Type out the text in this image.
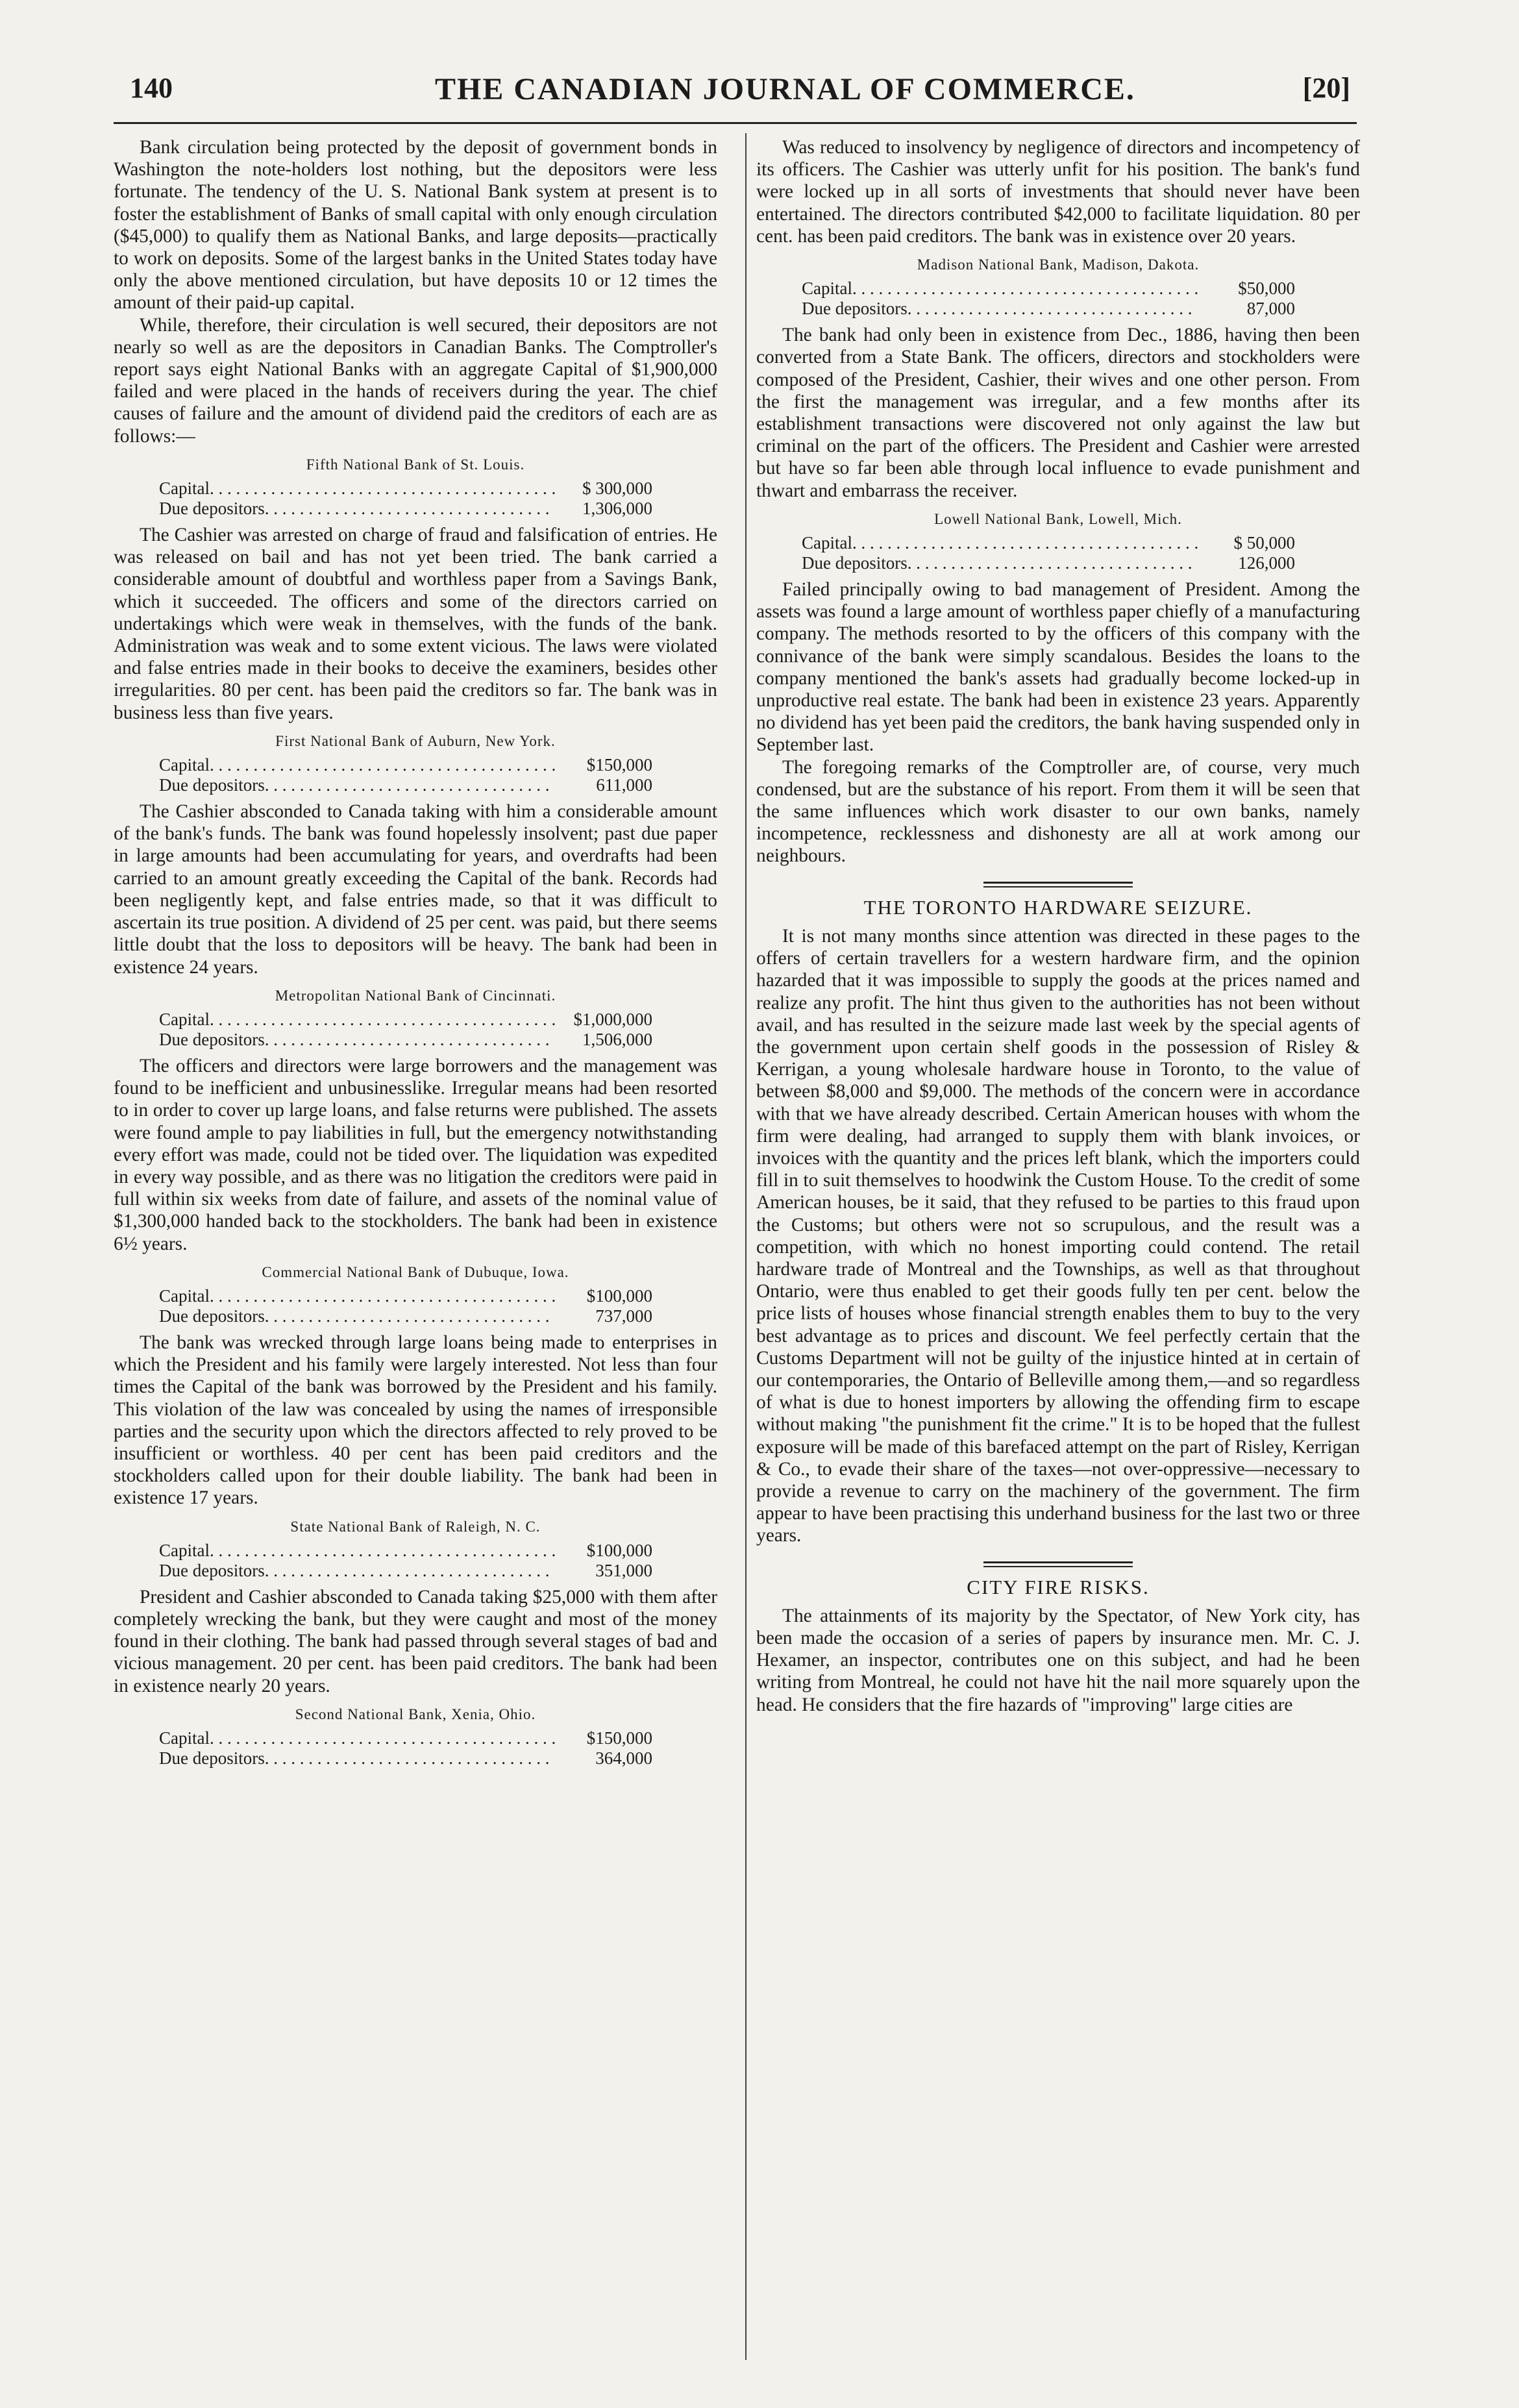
140	THE CANADIAN JOURNAL OF COMMERCE.	[20]

Bank circulation being protected by the deposit of government bonds in Washington the note-holders lost nothing, but the depositors were less fortunate. The tendency of the U. S. National Bank system at present is to foster the establishment of Banks of small capital with only enough circulation ($45,000) to qualify them as National Banks, and large deposits—practically to work on deposits. Some of the largest banks in the United States today have only the above mentioned circulation, but have deposits 10 or 12 times the amount of their paid-up capital.

While, therefore, their circulation is well secured, their depositors are not nearly so well as are the depositors in Canadian Banks. The Comptroller's report says eight National Banks with an aggregate Capital of $1,900,000 failed and were placed in the hands of receivers during the year. The chief causes of failure and the amount of dividend paid the creditors of each are as follows:—

Fifth National Bank of St. Louis.
Capital . . .	$ 300,000
Due depositors . . .	1,306,000

The Cashier was arrested on charge of fraud and falsification of entries. He was released on bail and has not yet been tried. The bank carried a considerable amount of doubtful and worthless paper from a Savings Bank, which it succeeded. The officers and some of the directors carried on undertakings which were weak in themselves, with the funds of the bank. Administration was weak and to some extent vicious. The laws were violated and false entries made in their books to deceive the examiners, besides other irregularities. 80 per cent. has been paid the creditors so far. The bank was in business less than five years.

First National Bank of Auburn, New York.
Capital . . .	$150,000
Due depositors . . .	611,000

The Cashier absconded to Canada taking with him a considerable amount of the bank's funds. The bank was found hopelessly insolvent; past due paper in large amounts had been accumulating for years, and overdrafts had been carried to an amount greatly exceeding the Capital of the bank. Records had been negligently kept, and false entries made, so that it was difficult to ascertain its true position. A dividend of 25 per cent. was paid, but there seems little doubt that the loss to depositors will be heavy. The bank had been in existence 24 years.

Metropolitan National Bank of Cincinnati.
Capital . . .	$1,000,000
Due depositors . . .	1,506,000

The officers and directors were large borrowers and the management was found to be inefficient and unbusinesslike. Irregular means had been resorted to in order to cover up large loans, and false returns were published. The assets were found ample to pay liabilities in full, but the emergency notwithstanding every effort was made, could not be tided over. The liquidation was expedited in every way possible, and as there was no litigation the creditors were paid in full within six weeks from date of failure, and assets of the nominal value of $1,300,000 handed back to the stockholders. The bank had been in existence 6½ years.

Commercial National Bank of Dubuque, Iowa.
Capital . . .	$100,000
Due depositors . . .	737,000

The bank was wrecked through large loans being made to enterprises in which the President and his family were largely interested. Not less than four times the Capital of the bank was borrowed by the President and his family. This violation of the law was concealed by using the names of irresponsible parties and the security upon which the directors affected to rely proved to be insufficient or worthless. 40 per cent has been paid creditors and the stockholders called upon for their double liability. The bank had been in existence 17 years.

State National Bank of Raleigh, N. C.
Capital . . .	$100,000
Due depositors . . .	351,000

President and Cashier absconded to Canada taking $25,000 with them after completely wrecking the bank, but they were caught and most of the money found in their clothing. The bank had passed through several stages of bad and vicious management. 20 per cent. has been paid creditors. The bank had been in existence nearly 20 years.

Second National Bank, Xenia, Ohio.
Capital . . .	$150,000
Due depositors . . .	364,000

Was reduced to insolvency by negligence of directors and incompetency of its officers. The Cashier was utterly unfit for his position. The bank's fund were locked up in all sorts of investments that should never have been entertained. The directors contributed $42,000 to facilitate liquidation. 80 per cent. has been paid creditors. The bank was in existence over 20 years.

Madison National Bank, Madison, Dakota.
Capital . . .	$50,000
Due depositors . . .	87,000

The bank had only been in existence from Dec., 1886, having then been converted from a State Bank. The officers, directors and stockholders were composed of the President, Cashier, their wives and one other person. From the first the management was irregular, and a few months after its establishment transactions were discovered not only against the law but criminal on the part of the officers. The President and Cashier were arrested but have so far been able through local influence to evade punishment and thwart and embarrass the receiver.

Lowell National Bank, Lowell, Mich.
Capital . . .	$ 50,000
Due depositors . . .	126,000

Failed principally owing to bad management of President. Among the assets was found a large amount of worthless paper chiefly of a manufacturing company. The methods resorted to by the officers of this company with the connivance of the bank were simply scandalous. Besides the loans to the company mentioned the bank's assets had gradually become locked-up in unproductive real estate. The bank had been in existence 23 years. Apparently no dividend has yet been paid the creditors, the bank having suspended only in September last.

The foregoing remarks of the Comptroller are, of course, very much condensed, but are the substance of his report. From them it will be seen that the same influences which work disaster to our own banks, namely incompetence, recklessness and dishonesty are all at work among our neighbours.

THE TORONTO HARDWARE SEIZURE.

It is not many months since attention was directed in these pages to the offers of certain travellers for a western hardware firm, and the opinion hazarded that it was impossible to supply the goods at the prices named and realize any profit. The hint thus given to the authorities has not been without avail, and has resulted in the seizure made last week by the special agents of the government upon certain shelf goods in the possession of Risley & Kerrigan, a young wholesale hardware house in Toronto, to the value of between $8,000 and $9,000. The methods of the concern were in accordance with that we have already described. Certain American houses with whom the firm were dealing, had arranged to supply them with blank invoices, or invoices with the quantity and the prices left blank, which the importers could fill in to suit themselves to hoodwink the Custom House. To the credit of some American houses, be it said, that they refused to be parties to this fraud upon the Customs; but others were not so scrupulous, and the result was a competition, with which no honest importing could contend. The retail hardware trade of Montreal and the Townships, as well as that throughout Ontario, were thus enabled to get their goods fully ten per cent. below the price lists of houses whose financial strength enables them to buy to the very best advantage as to prices and discount. We feel perfectly certain that the Customs Department will not be guilty of the injustice hinted at in certain of our contemporaries, the Ontario of Belleville among them,—and so regardless of what is due to honest importers by allowing the offending firm to escape without making "the punishment fit the crime." It is to be hoped that the fullest exposure will be made of this barefaced attempt on the part of Risley, Kerrigan & Co., to evade their share of the taxes—not over-oppressive—necessary to provide a revenue to carry on the machinery of the government. The firm appear to have been practising this underhand business for the last two or three years.

CITY FIRE RISKS.

The attainments of its majority by the Spectator, of New York city, has been made the occasion of a series of papers by insurance men. Mr. C. J. Hexamer, an inspector, contributes one on this subject, and had he been writing from Montreal, he could not have hit the nail more squarely upon the head. He considers that the fire hazards of "improving" large cities are
